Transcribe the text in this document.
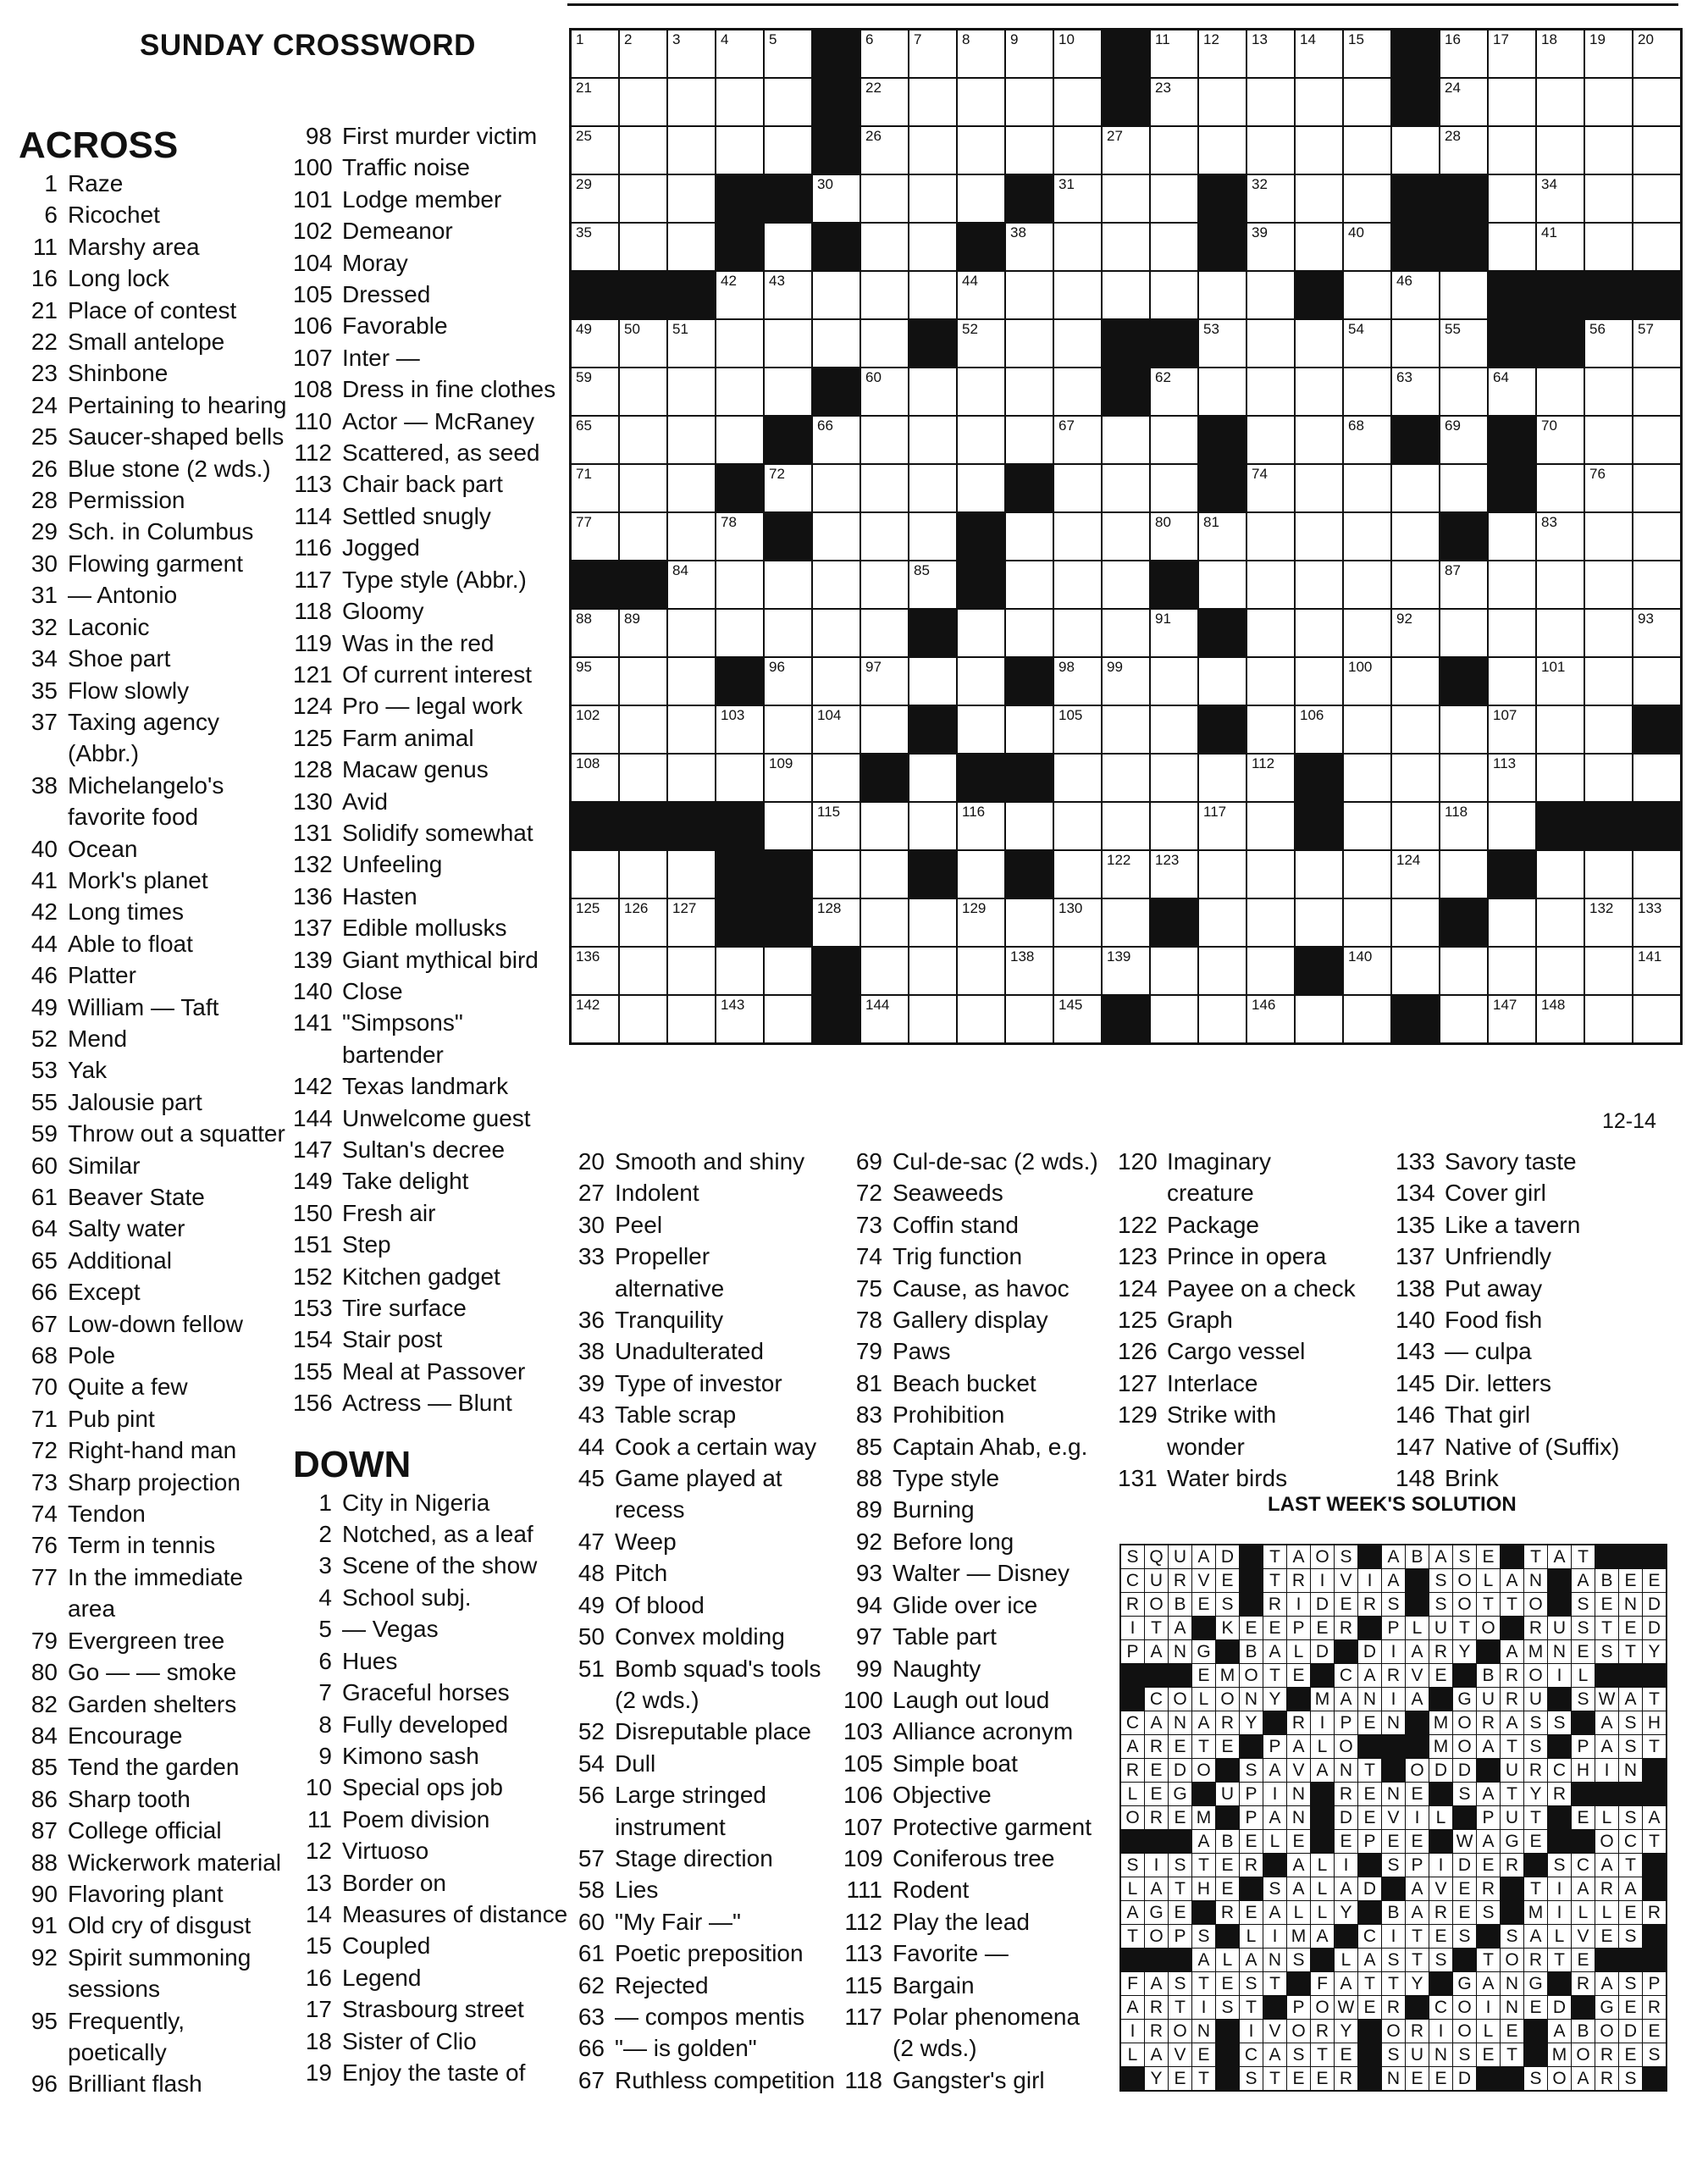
SUNDAY CROSSWORD
ACROSS
1 Raze
6 Ricochet
11 Marshy area
16 Long lock
21 Place of contest
22 Small antelope
23 Shinbone
24 Pertaining to hearing
25 Saucer-shaped bells
26 Blue stone (2 wds.)
28 Permission
29 Sch. in Columbus
30 Flowing garment
31 — Antonio
32 Laconic
34 Shoe part
35 Flow slowly
37 Taxing agency
(Abbr.)
38 Michelangelo's
favorite food
40 Ocean
41 Mork's planet
42 Long times
44 Able to float
46 Platter
49 William — Taft
52 Mend
53 Yak
55 Jalousie part
59 Throw out a squatter
60 Similar
61 Beaver State
64 Salty water
65 Additional
66 Except
67 Low-down fellow
68 Pole
70 Quite a few
71 Pub pint
72 Right-hand man
73 Sharp projection
74 Tendon
76 Term in tennis
77 In the immediate
area
79 Evergreen tree
80 Go — — smoke
82 Garden shelters
84 Encourage
85 Tend the garden
86 Sharp tooth
87 College official
88 Wickerwork material
90 Flavoring plant
91 Old cry of disgust
92 Spirit summoning
sessions
95 Frequently,
poetically
96 Brilliant flash
98 First murder victim
100 Traffic noise
101 Lodge member
102 Demeanor
104 Moray
105 Dressed
106 Favorable
107 Inter —
108 Dress in fine clothes
110 Actor — McRaney
112 Scattered, as seed
113 Chair back part
114 Settled snugly
116 Jogged
117 Type style (Abbr.)
118 Gloomy
119 Was in the red
121 Of current interest
124 Pro — legal work
125 Farm animal
128 Macaw genus
130 Avid
131 Solidify somewhat
132 Unfeeling
136 Hasten
137 Edible mollusks
139 Giant mythical bird
140 Close
141 "Simpsons"
bartender
142 Texas landmark
144 Unwelcome guest
147 Sultan's decree
149 Take delight
150 Fresh air
151 Step
152 Kitchen gadget
153 Tire surface
154 Stair post
155 Meal at Passover
156 Actress — Blunt
DOWN
1 City in Nigeria
2 Notched, as a leaf
3 Scene of the show
4 School subj.
5 — Vegas
6 Hues
7 Graceful horses
8 Fully developed
9 Kimono sash
10 Special ops job
11 Poem division
12 Virtuoso
13 Border on
14 Measures of distance
15 Coupled
16 Legend
17 Strasbourg street
18 Sister of Clio
19 Enjoy the taste of
20 Smooth and shiny
27 Indolent
30 Peel
33 Propeller
alternative
36 Tranquility
38 Unadulterated
39 Type of investor
43 Table scrap
44 Cook a certain way
45 Game played at
recess
47 Weep
48 Pitch
49 Of blood
50 Convex molding
51 Bomb squad's tools
(2 wds.)
52 Disreputable place
54 Dull
56 Large stringed
instrument
57 Stage direction
58 Lies
60 "My Fair —"
61 Poetic preposition
62 Rejected
63 — compos mentis
66 "— is golden"
67 Ruthless competition
69 Cul-de-sac (2 wds.)
72 Seaweeds
73 Coffin stand
74 Trig function
75 Cause, as havoc
78 Gallery display
79 Paws
81 Beach bucket
83 Prohibition
85 Captain Ahab, e.g.
88 Type style
89 Burning
92 Before long
93 Walter — Disney
94 Glide over ice
97 Table part
99 Naughty
100 Laugh out loud
103 Alliance acronym
105 Simple boat
106 Objective
107 Protective garment
109 Coniferous tree
111 Rodent
112 Play the lead
113 Favorite —
115 Bargain
117 Polar phenomena
(2 wds.)
118 Gangster's girl
120 Imaginary
creature
122 Package
123 Prince in opera
124 Payee on a check
125 Graph
126 Cargo vessel
127 Interlace
129 Strike with
wonder
131 Water birds
133 Savory taste
134 Cover girl
135 Like a tavern
137 Unfriendly
138 Put away
140 Food fish
143 — culpa
145 Dir. letters
146 That girl
147 Native of (Suffix)
148 Brink
1	2	3	4	5	6	7	8	9	10	11 12 13 14 15	16 17 18 19 20
21	22	23	24
25	26	27	28
29	30	31	32	34
35	38	39	40	41
42 43	44	46
49 50 51	52	53	54	55	56 57
59	60	62	63	64
65	66	67	68	69	70
71	72	74	76
77	78	80 81	83
84	85	87
88 89	91	92	93
95	96	97	98 99	100	101
102	103	104	105	106	107
108	109	112	113
115	116	117	118
122 123	124
125 126 127	128	129	130	132 133
136	138	139	140	141
142	143	144	145	146	147 148
12-14
LAST WEEK'S SOLUTION
S Q U A D	T A O S	A B A S E	T A T
C U R V E	T R I V I A	S O L A N	A B E E
R O B E S	R I D E R S	S O T T O	S E N D
I T A	K E E P E R	P L U T O R U S T E D
P A N G	B A L D D I A R Y	A M N E S T Y
E M O T E	C A R V E	B R O I L
C O L O N Y	M A N I A	G U R U	S W A T
C A N A R Y	R I P E N M O R A S S	A S H
A R E T E	P A L O	M O A T S	P A S T
R E D O	S A V A N T	O D D U R C H I N
L E G U P I N R E N E	S A T Y R
O R E M	P A N D E V I L	P U T	E L S A
A B E L E	E P E E	W A G E	O C T
S I S T E R	A L I	S P I D E R	S C A T
L A T H E	S A L A D	A V E R	T I A R A
A G E	R E A L L Y	B A R E S	M I L L E R
T O P S	L I M A	C I T E S	S A L V E S
A L A N S	L A S T S	T O R T E
F A S T E S T	F A T T Y	G A N G R A S P
A R T I S T	P O W E R C O I N E D G E R
I R O N	I V O R Y	O R I O L E	A B O D E
L A V E	C A S T E	S U N S E T	M O R E S
Y E T	S T E E R N E E D	S O A R S
